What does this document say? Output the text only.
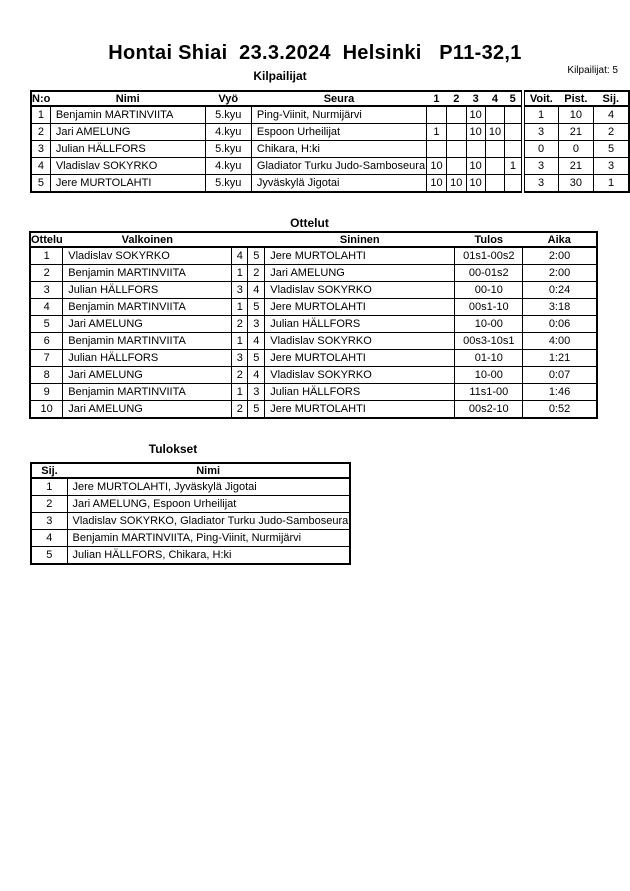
Hontai Shiai  23.3.2024  Helsinki   P11-32,1
Kilpailijat	Kilpailijat: 5
N:o	Nimi	Vyö	Seura	1	2	3	4	5	Voit.	Pist.	Sij.
1	Benjamin MARTINVIITA	5.kyu	Ping-Viinit, Nurmijärvi			10			1	10	4
2	Jari AMELUNG	4.kyu	Espoon Urheilijat	1		10	10		3	21	2
3	Julian HÄLLFORS	5.kyu	Chikara, H:ki						0	0	5
4	Vladislav SOKYRKO	4.kyu	Gladiator Turku Judo-Samboseura	10		10		1	3	21	3
5	Jere MURTOLAHTI	5.kyu	Jyväskylä Jigotai	10	10	10			3	30	1
Ottelut
Ottelu	Valkoinen			Sininen	Tulos	Aika
1	Vladislav SOKYRKO	4	5	Jere MURTOLAHTI	01s1-00s2	2:00
2	Benjamin MARTINVIITA	1	2	Jari AMELUNG	00-01s2	2:00
3	Julian HÄLLFORS	3	4	Vladislav SOKYRKO	00-10	0:24
4	Benjamin MARTINVIITA	1	5	Jere MURTOLAHTI	00s1-10	3:18
5	Jari AMELUNG	2	3	Julian HÄLLFORS	10-00	0:06
6	Benjamin MARTINVIITA	1	4	Vladislav SOKYRKO	00s3-10s1	4:00
7	Julian HÄLLFORS	3	5	Jere MURTOLAHTI	01-10	1:21
8	Jari AMELUNG	2	4	Vladislav SOKYRKO	10-00	0:07
9	Benjamin MARTINVIITA	1	3	Julian HÄLLFORS	11s1-00	1:46
10	Jari AMELUNG	2	5	Jere MURTOLAHTI	00s2-10	0:52
Tulokset
Sij.	Nimi
1	Jere MURTOLAHTI, Jyväskylä Jigotai
2	Jari AMELUNG, Espoon Urheilijat
3	Vladislav SOKYRKO, Gladiator Turku Judo-Samboseura
4	Benjamin MARTINVIITA, Ping-Viinit, Nurmijärvi
5	Julian HÄLLFORS, Chikara, H:ki
